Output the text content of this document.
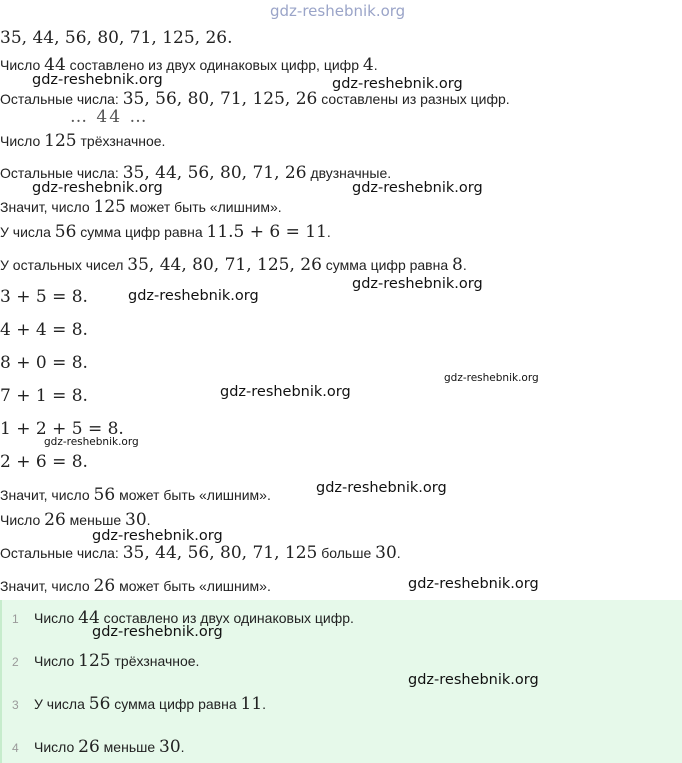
gdz-reshebnik.org
35, 44, 56, 80, 71, 125, 26.
Число 44 составлено из двух одинаковых цифр, цифр 4.
Остальные числа: 35, 56, 80, 71, 125, 26 составлены из разных цифр.
… 44 …
Число 125 трёхзначное.
Остальные числа: 35, 44, 56, 80, 71, 26 двузначные.
Значит, число 125 может быть «лишним».
У числа 56 сумма цифр равна 11.5 + 6 = 11.
У остальных чисел 35, 44, 80, 71, 125, 26 сумма цифр равна 8.
3 + 5 = 8.
4 + 4 = 8.
8 + 0 = 8.
7 + 1 = 8.
1 + 2 + 5 = 8.
2 + 6 = 8.
Значит, число 56 может быть «лишним».
Число 26 меньше 30.
Остальные числа: 35, 44, 56, 80, 71, 125 больше 30.
Значит, число 26 может быть «лишним».
1 Число 44 составлено из двух одинаковых цифр.
2 Число 125 трёхзначное.
3 У числа 56 сумма цифр равна 11.
4 Число 26 меньше 30.
gdz-reshebnik.org	gdz-reshebnik.org
gdz-reshebnik.org	gdz-reshebnik.org
gdz-reshebnik.org
gdz-reshebnik.org
gdz-reshebnik.org
gdz-reshebnik.org
gdz-reshebnik.org
gdz-reshebnik.org
gdz-reshebnik.org
gdz-reshebnik.org
gdz-reshebnik.org
gdz-reshebnik.org
